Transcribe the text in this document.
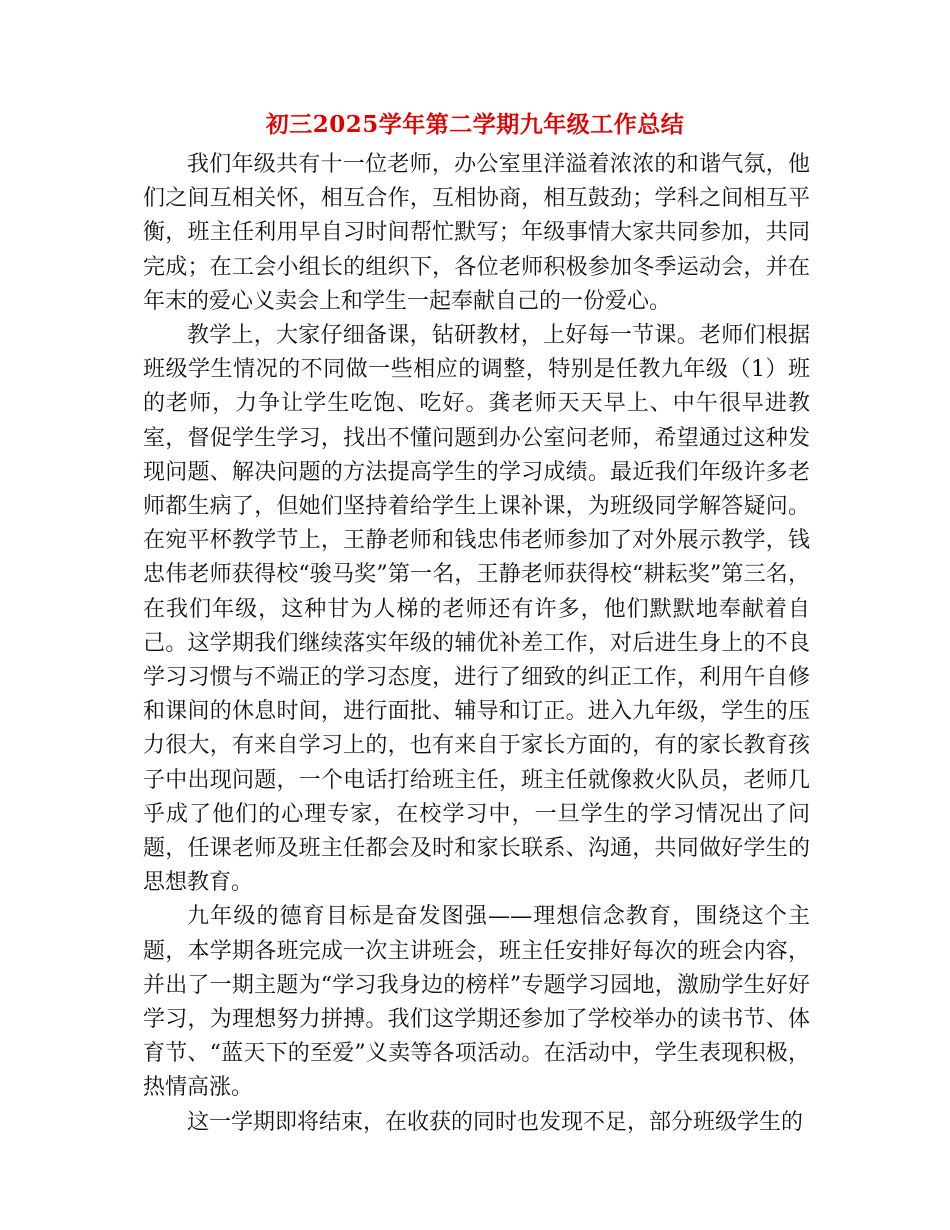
初三2025学年第二学期九年级工作总结

我们年级共有十一位老师，办公室里洋溢着浓浓的和谐气氛，他们之间互相关怀，相互合作，互相协商，相互鼓劲；学科之间相互平衡，班主任利用早自习时间帮忙默写；年级事情大家共同参加，共同完成；在工会小组长的组织下，各位老师积极参加冬季运动会，并在年末的爱心义卖会上和学生一起奉献自己的一份爱心。

教学上，大家仔细备课，钻研教材，上好每一节课。老师们根据班级学生情况的不同做一些相应的调整，特别是任教九年级（1）班的老师，力争让学生吃饱、吃好。龚老师天天早上、中午很早进教室，督促学生学习，找出不懂问题到办公室问老师，希望通过这种发现问题、解决问题的方法提高学生的学习成绩。最近我们年级许多老师都生病了，但她们坚持着给学生上课补课，为班级同学解答疑问。在宛平杯教学节上，王静老师和钱忠伟老师参加了对外展示教学，钱忠伟老师获得校“骏马奖”第一名，王静老师获得校“耕耘奖”第三名，在我们年级，这种甘为人梯的老师还有许多，他们默默地奉献着自己。这学期我们继续落实年级的辅优补差工作，对后进生身上的不良学习习惯与不端正的学习态度，进行了细致的纠正工作，利用午自修和课间的休息时间，进行面批、辅导和订正。进入九年级，学生的压力很大，有来自学习上的，也有来自于家长方面的，有的家长教育孩子中出现问题，一个电话打给班主任，班主任就像救火队员，老师几乎成了他们的心理专家，在校学习中，一旦学生的学习情况出了问题，任课老师及班主任都会及时和家长联系、沟通，共同做好学生的思想教育。

九年级的德育目标是奋发图强——理想信念教育，围绕这个主题，本学期各班完成一次主讲班会，班主任安排好每次的班会内容，并出了一期主题为“学习我身边的榜样”专题学习园地，激励学生好好学习，为理想努力拼搏。我们这学期还参加了学校举办的读书节、体育节、“蓝天下的至爱”义卖等各项活动。在活动中，学生表现积极，热情高涨。

这一学期即将结束，在收获的同时也发现不足，部分班级学生的
